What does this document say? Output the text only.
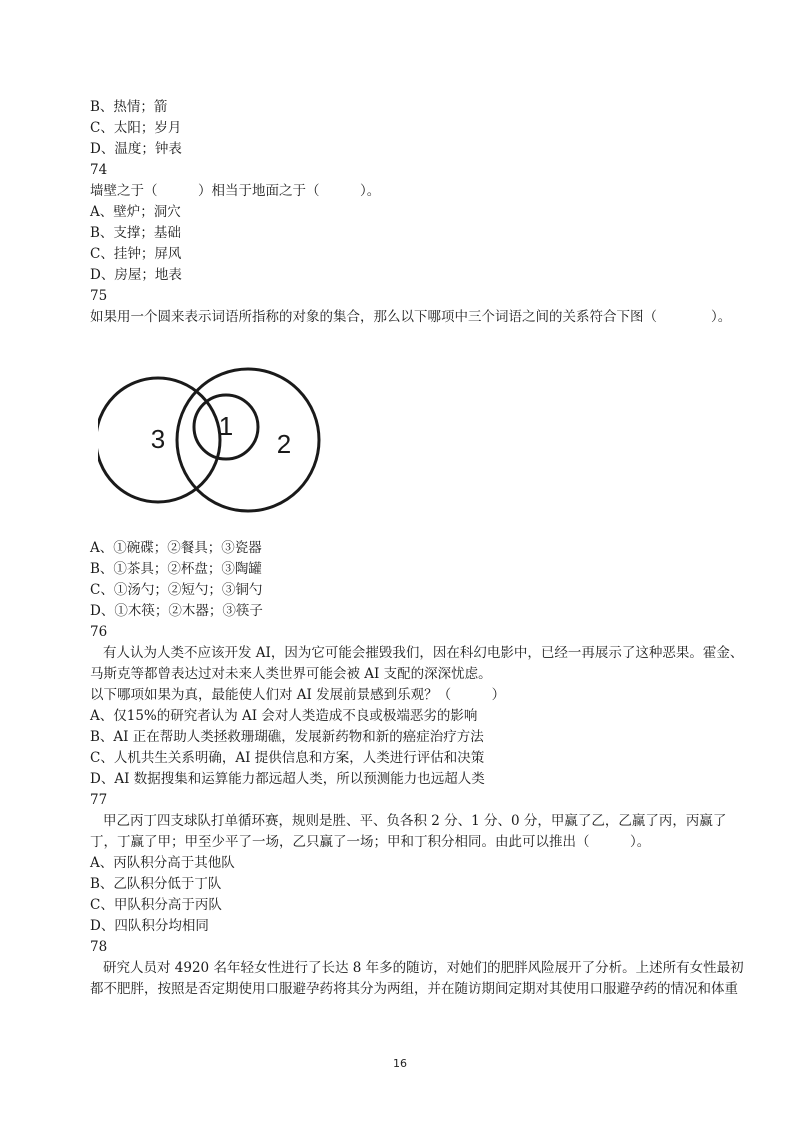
B、热情；箭
C、太阳；岁月
D、温度；钟表
74
墙壁之于（　　　）相当于地面之于（　　　）。
A、壁炉；洞穴
B、支撑；基础
C、挂钟；屏风
D、房屋；地表
75
如果用一个圆来表示词语所指称的对象的集合，那么以下哪项中三个词语之间的关系符合下图（　　　　）。
1
2
3
A、①碗碟；②餐具；③瓷器
B、①茶具；②杯盘；③陶罐
C、①汤勺；②短勺；③铜勺
D、①木筷；②木器；③筷子
76
有人认为人类不应该开发 AI，因为它可能会摧毁我们，因在科幻电影中，已经一再展示了这种恶果。霍金、马斯克等都曾表达过对未来人类世界可能会被 AI 支配的深深忧虑。
以下哪项如果为真，最能使人们对 AI 发展前景感到乐观？（　　　）
A、仅15%的研究者认为 AI 会对人类造成不良或极端恶劣的影响
B、AI 正在帮助人类拯救珊瑚礁，发展新药物和新的癌症治疗方法
C、人机共生关系明确，AI 提供信息和方案，人类进行评估和决策
D、AI 数据搜集和运算能力都远超人类，所以预测能力也远超人类
77
甲乙丙丁四支球队打单循环赛，规则是胜、平、负各积 2 分、1 分、0 分，甲赢了乙，乙赢了丙，丙赢了丁，丁赢了甲；甲至少平了一场，乙只赢了一场；甲和丁积分相同。由此可以推出（　　　）。
A、丙队积分高于其他队
B、乙队积分低于丁队
C、甲队积分高于丙队
D、四队积分均相同
78
研究人员对 4920 名年轻女性进行了长达 8 年多的随访，对她们的肥胖风险展开了分析。上述所有女性最初都不肥胖，按照是否定期使用口服避孕药将其分为两组，并在随访期间定期对其使用口服避孕药的情况和体重
16
